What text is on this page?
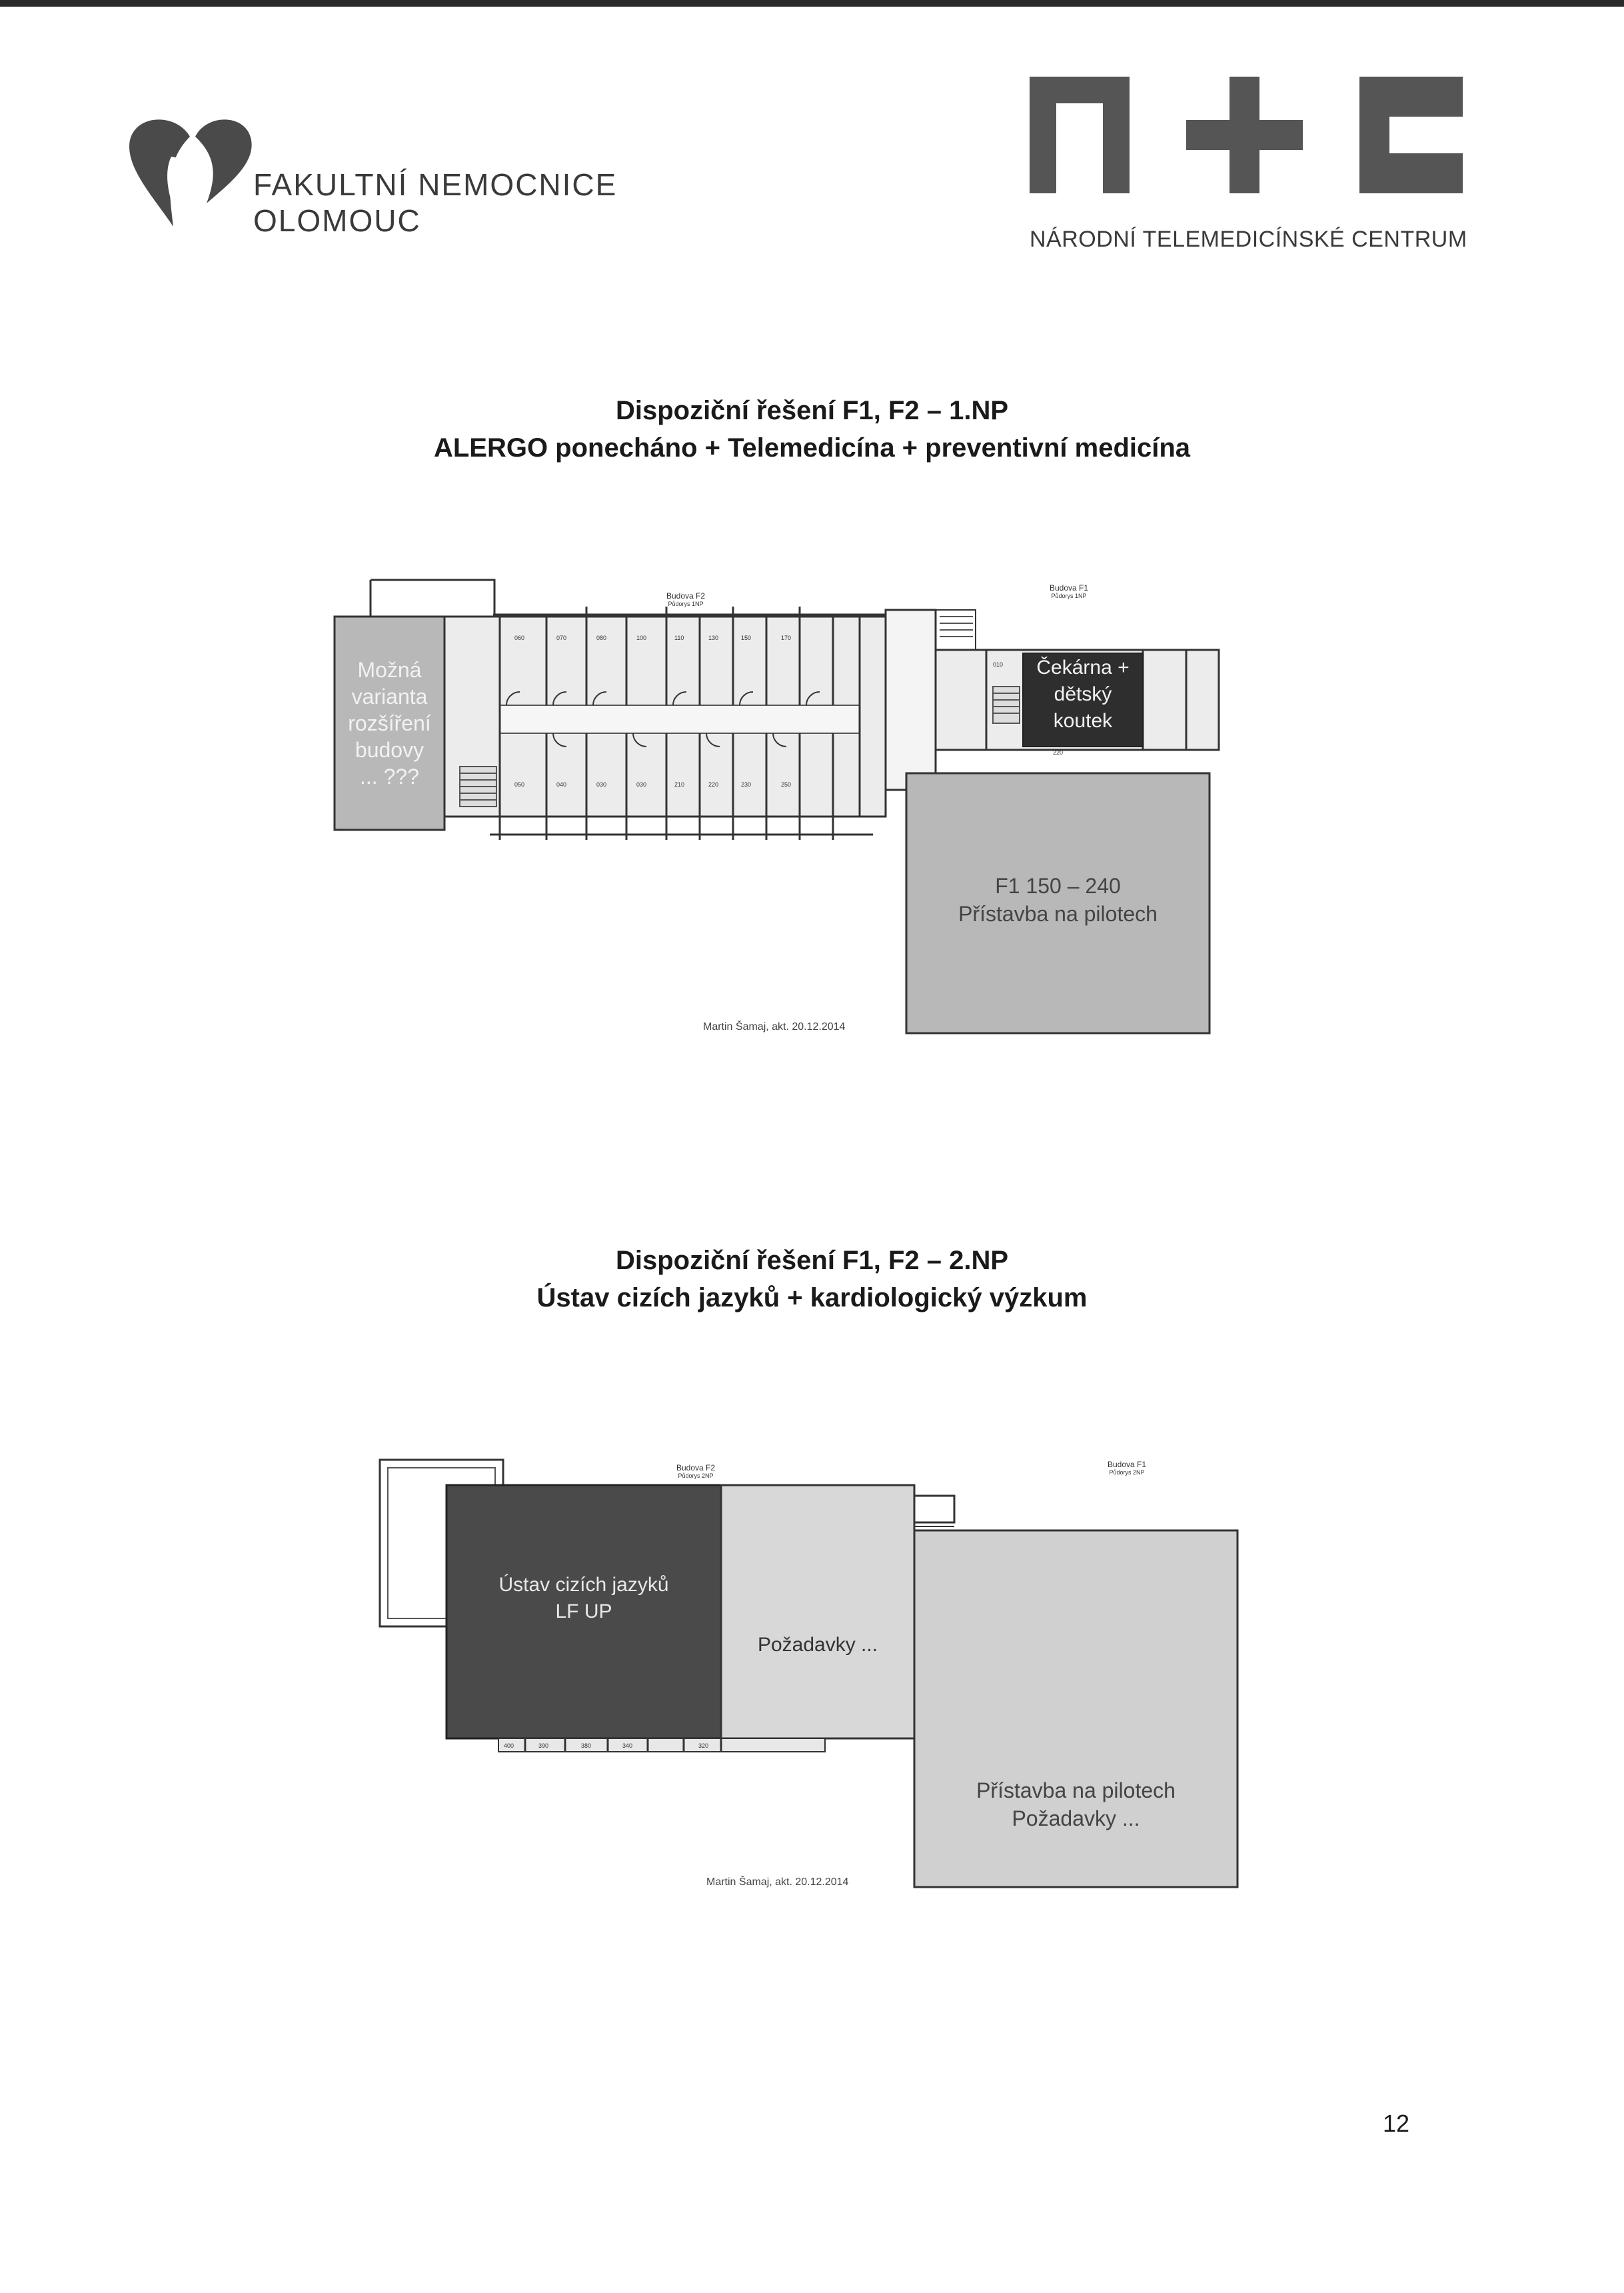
FAKULTNÍ NEMOCNICE
OLOMOUC
NÁRODNÍ TELEMEDICÍNSKÉ CENTRUM
Dispoziční řešení F1, F2 – 1.NP
ALERGO ponecháno + Telemedicína + preventivní medicína
060	070	080	100	110	130	150	170
050	040	030	030	210	220	230	250
010
220
Budova F2
Půdorys 1NP
Budova F1
Půdorys 1NP
Možná
varianta
rozšíření
budovy
... ???
Čekárna +
dětský
koutek
F1 150 – 240
Přístavba na pilotech
Martin Šamaj, akt. 20.12.2014
Dispoziční řešení F1, F2 – 2.NP
Ústav cizích jazyků + kardiologický výzkum
400	390	380	340	320
Budova F2
Půdorys 2NP
Budova F1
Půdorys 2NP
Ústav cizích jazyků
LF UP
Požadavky ...
Přístavba na pilotech
Požadavky ...
Martin Šamaj, akt. 20.12.2014
12
